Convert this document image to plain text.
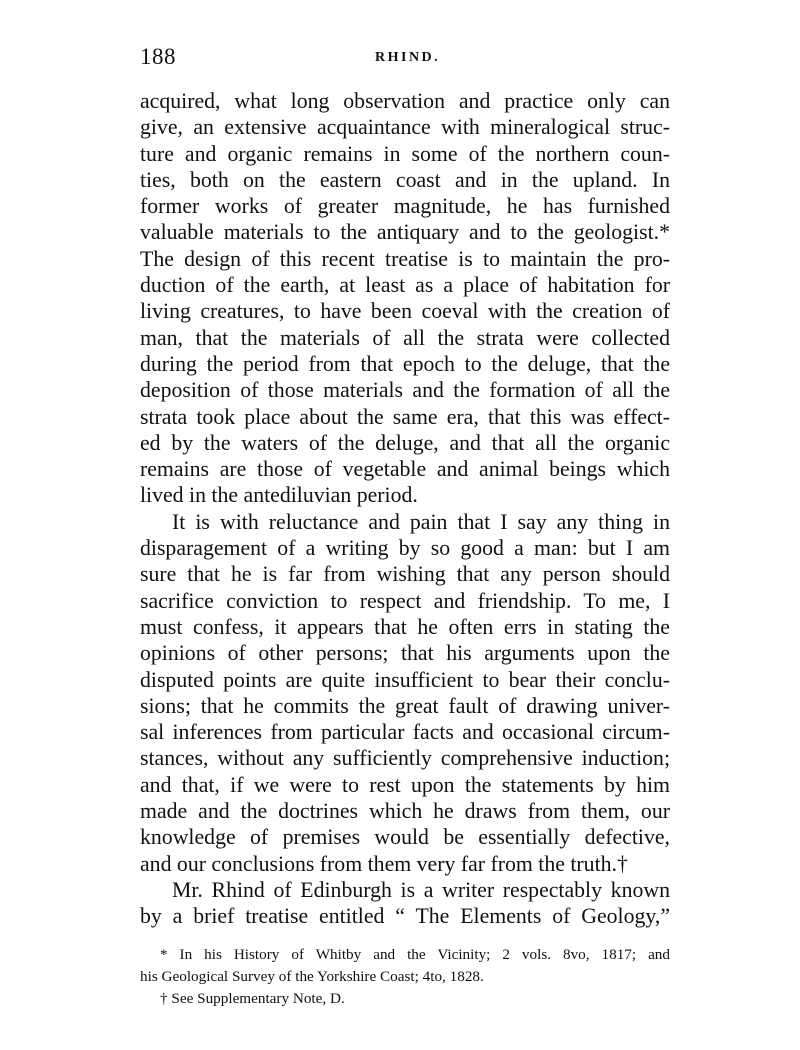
188	RHIND.
acquired, what long observation and practice only can
give, an extensive acquaintance with mineralogical struc-
ture and organic remains in some of the northern coun-
ties, both on the eastern coast and in the upland. In
former works of greater magnitude, he has furnished
valuable materials to the antiquary and to the geologist.*
The design of this recent treatise is to maintain the pro-
duction of the earth, at least as a place of habitation for
living creatures, to have been coeval with the creation of
man, that the materials of all the strata were collected
during the period from that epoch to the deluge, that the
deposition of those materials and the formation of all the
strata took place about the same era, that this was effect-
ed by the waters of the deluge, and that all the organic
remains are those of vegetable and animal beings which
lived in the antediluvian period.
It is with reluctance and pain that I say any thing in
disparagement of a writing by so good a man: but I am
sure that he is far from wishing that any person should
sacrifice conviction to respect and friendship. To me, I
must confess, it appears that he often errs in stating the
opinions of other persons; that his arguments upon the
disputed points are quite insufficient to bear their conclu-
sions; that he commits the great fault of drawing univer-
sal inferences from particular facts and occasional circum-
stances, without any sufficiently comprehensive induction;
and that, if we were to rest upon the statements by him
made and the doctrines which he draws from them, our
knowledge of premises would be essentially defective,
and our conclusions from them very far from the truth.†
Mr. Rhind of Edinburgh is a writer respectably known
by a brief treatise entitled “ The Elements of Geology,”
* In his History of Whitby and the Vicinity; 2 vols. 8vo, 1817; and
his Geological Survey of the Yorkshire Coast; 4to, 1828.
† See Supplementary Note, D.
